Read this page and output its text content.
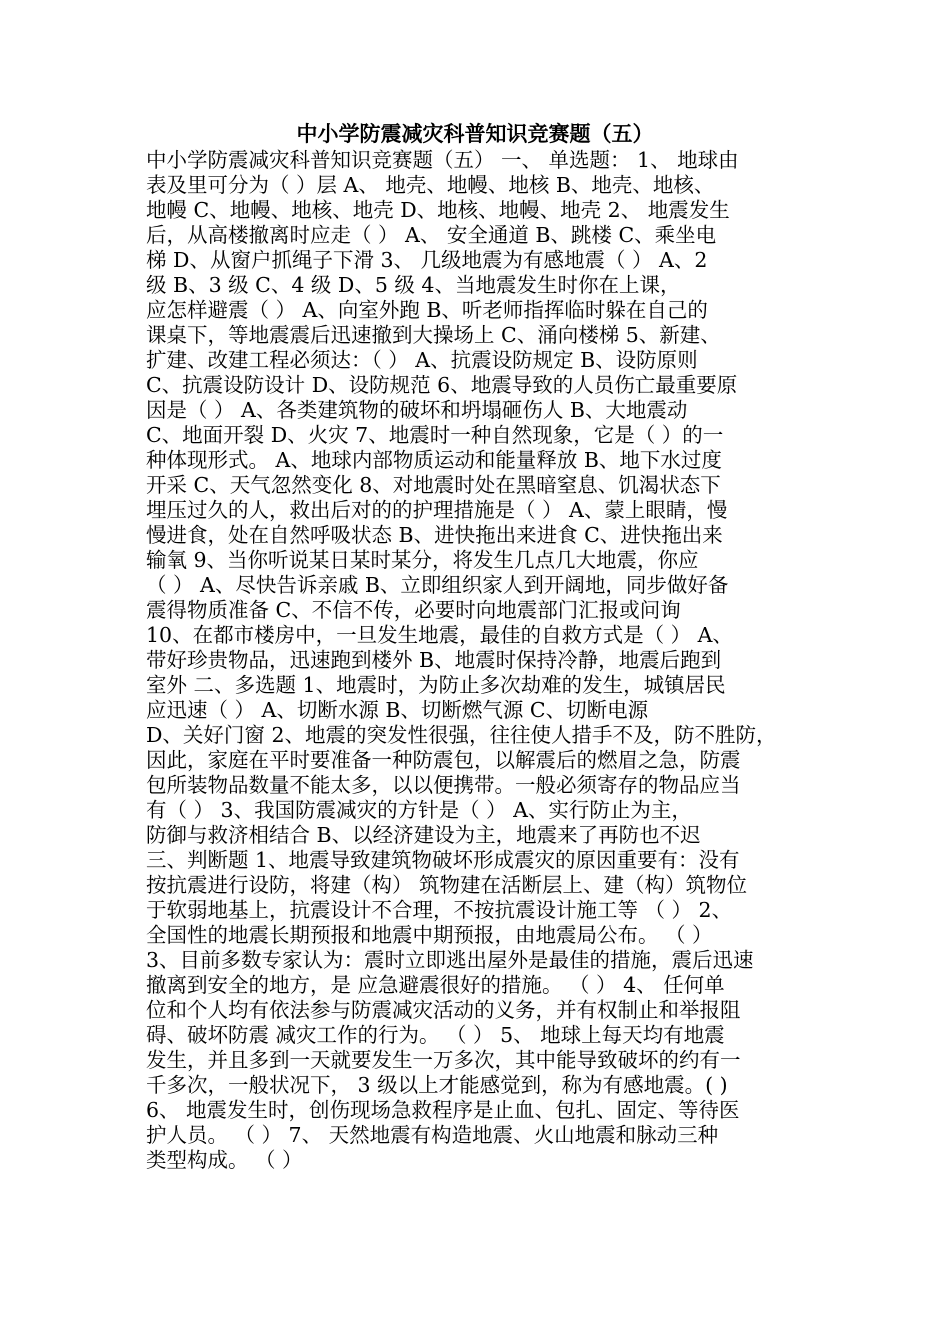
中小学防震减灾科普知识竞赛题（五）
中小学防震减灾科普知识竞赛题（五） 一、 单选题： 1、 地球由
表及里可分为（ ）层 A、 地壳、地幔、地核 B、地壳、地核、
地幔 C、地幔、地核、地壳 D、地核、地幔、地壳 2、 地震发生
后，从高楼撤离时应走（ ） A、 安全通道 B、跳楼 C、乘坐电
梯 D、从窗户抓绳子下滑 3、 几级地震为有感地震（ ） A、2
级 B、3 级 C、4 级 D、5 级 4、当地震发生时你在上课，
应怎样避震（ ） A、向室外跑 B、听老师指挥临时躲在自己的
课桌下，等地震震后迅速撤到大操场上 C、涌向楼梯 5、新建、
扩建、改建工程必须达：（ ） A、抗震设防规定 B、设防原则
C、抗震设防设计 D、设防规范 6、地震导致的人员伤亡最重要原
因是（ ） A、各类建筑物的破坏和坍塌砸伤人 B、大地震动
C、地面开裂 D、火灾 7、地震时一种自然现象，它是（ ）的一
种体现形式。 A、地球内部物质运动和能量释放 B、地下水过度
开采 C、天气忽然变化 8、对地震时处在黑暗窒息、饥渴状态下
埋压过久的人，救出后对的的护理措施是（ ） A、蒙上眼睛，慢
慢进食，处在自然呼吸状态 B、进快拖出来进食 C、进快拖出来
输氧 9、当你听说某日某时某分，将发生几点几大地震，你应
（ ） A、尽快告诉亲戚 B、立即组织家人到开阔地，同步做好备
震得物质准备 C、不信不传，必要时向地震部门汇报或问询
10、在都市楼房中，一旦发生地震，最佳的自救方式是（ ） A、
带好珍贵物品，迅速跑到楼外 B、地震时保持冷静，地震后跑到
室外 二、多选题 1、地震时，为防止多次劫难的发生，城镇居民
应迅速（ ） A、切断水源 B、切断燃气源 C、切断电源
D、关好门窗 2、地震的突发性很强，往往使人措手不及，防不胜防，
因此，家庭在平时要准备一种防震包，以解震后的燃眉之急，防震
包所装物品数量不能太多，以以便携带。一般必须寄存的物品应当
有（ ） 3、我国防震减灾的方针是（ ） A、实行防止为主，
防御与救济相结合 B、以经济建设为主，地震来了再防也不迟
三、判断题 1、地震导致建筑物破坏形成震灾的原因重要有：没有
按抗震进行设防，将建（构） 筑物建在活断层上、建（构）筑物位
于软弱地基上，抗震设计不合理，不按抗震设计施工等 （ ） 2、
全国性的地震长期预报和地震中期预报，由地震局公布。 （ ）
3、目前多数专家认为：震时立即逃出屋外是最佳的措施，震后迅速
撤离到安全的地方，是 应急避震很好的措施。 （ ） 4、 任何单
位和个人均有依法参与防震减灾活动的义务，并有权制止和举报阻
碍、破坏防震 减灾工作的行为。 （ ） 5、 地球上每天均有地震
发生，并且多到一天就要发生一万多次，其中能导致破坏的约有一
千多次，一般状况下， 3 级以上才能感觉到，称为有感地震。( )
6、 地震发生时，创伤现场急救程序是止血、包扎、固定、等待医
护人员。 （ ） 7、 天然地震有构造地震、火山地震和脉动三种
类型构成。 （ ）
